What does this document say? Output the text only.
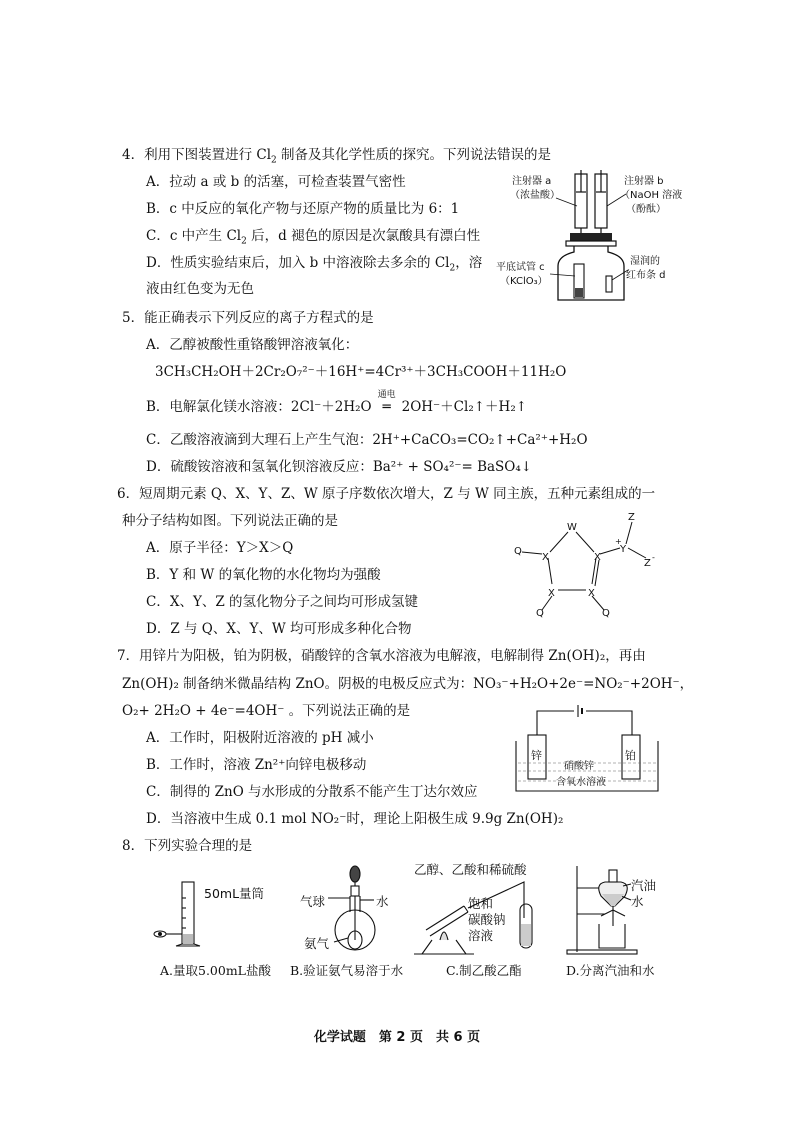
4．利用下图装置进行 $Cl_2$ 制备及其化学性质的探究。下列说法错误的是
A．拉动 a 或 b 的活塞，可检查装置气密性
B．c 中反应的氧化产物与还原产物的质量比为 6：1
C．c 中产生 $Cl_2$ 后，d 褪色的原因是次氯酸具有漂白性
D．性质实验结束后，加入 b 中溶液除去多余的 $Cl_2$，溶
液由红色变为无色
注射器 a
（浓盐酸）
注射器 b
（NaOH 溶液
（酚酞）
平底试管 c
（KClO₃）
湿润的
红布条 d
5．能正确表示下列反应的离子方程式的是
A．乙醇被酸性重铬酸钾溶液氧化：
3CH₃CH₂OH＋2Cr₂O₇²⁻＋16H⁺=4Cr³⁺＋3CH₃COOH＋11H₂O
B．电解氯化镁水溶液：2Cl⁻＋2H₂O
通电
═ 2OH⁻＋Cl₂↑＋H₂↑
C．乙酸溶液滴到大理石上产生气泡：2H⁺+CaCO₃=CO₂↑+Ca²⁺+H₂O
D．硫酸铵溶液和氢氧化钡溶液反应：Ba²⁺ + SO₄²⁻= BaSO₄↓
6．短周期元素 Q、X、Y、Z、W 原子序数依次增大，Z 与 W 同主族，五种元素组成的一
种分子结构如图。下列说法正确的是
A．原子半径：Y＞X＞Q
B．Y 和 W 的氧化物的水化物均为强酸
C．X、Y、Z 的氢化物分子之间均可形成氢键
D．Z 与 Q、X、Y、W 均可形成多种化合物
W
X	X
X	X
Y
+
Z
Z
-
Q
Q	Q
7．用锌片为阳极，铂为阴极，硝酸锌的含氧水溶液为电解液，电解制得 Zn(OH)₂，再由
Zn(OH)₂ 制备纳米微晶结构 ZnO。阴极的电极反应式为：NO₃⁻+H₂O+2e⁻=NO₂⁻+2OH⁻，
O₂+ 2H₂O + 4e⁻=4OH⁻ 。下列说法正确的是
A．工作时，阳极附近溶液的 pH 减小
B．工作时，溶液 Zn²⁺向锌电极移动
C．制得的 ZnO 与水形成的分散系不能产生丁达尔效应
D．当溶液中生成 0.1 mol NO₂⁻时，理论上阳极生成 9.9g Zn(OH)₂
锌	铂
硝酸锌
含氧水溶液
8．下列实验合理的是
50mL量筒
A.量取5.00mL盐酸
气球	水
氨气
B.验证氨气易溶于水
乙醇、乙酸和稀硫酸
饱和
碳酸钠
溶液
C.制乙酸乙酯
汽油
水
D.分离汽油和水
化学试题　第 2 页　共 6 页
